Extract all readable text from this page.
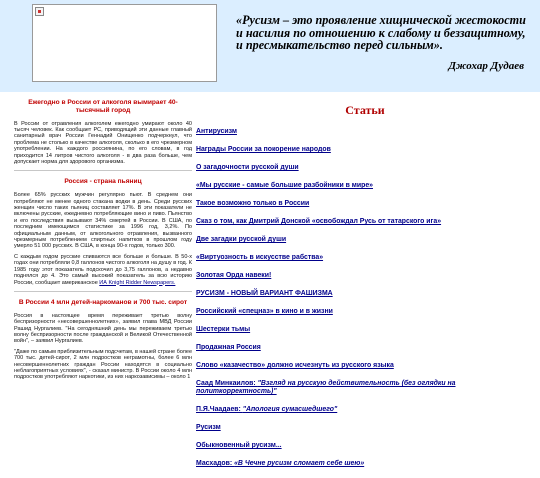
«Русизм – это проявление хищнической жестокости и насилия по отношению к слабому и беззащитному, и пресмыкательство перед сильным».
Джохар Дудаев
Ежегодно в России от алкоголя вымирает 40-тысячный город

В России от отравления алкоголем ежегодно умирают около 40 тысяч человек. Как сообщает РС, приводящий эти данные главный санитарный врач России Геннадий Онищенко подчеркнул, что проблема не столько в качестве алкоголя, сколько в его чрезмерном употреблении. На каждого россиянина, по его словам, в год приходится 14 литров чистого алкоголя - в два раза больше, чем допускает норма для здорового организма.

Россия - страна пьяниц

Более 65% русских мужчин регулярно пьют. В среднем они потребляют не менее одного стакана водки в день. Среди русских женщин число таких пьяниц составляет 17%. В эти показатели не включены русские, ежедневно потребляющие вино и пиво. Пьянство и его последствия вызывают 34% смертей в России. В США, по последним имеющимся статистике за 1996 год, 3,2%. По официальным данным, от алкогольного отравления, вызванного чрезмерным потреблением спиртных напитков в прошлом году умерло 51 000 русских. В США, в конца 90-х годов, только 300.

С каждым годом русские спиваются все больше и больше. В 50-х годах они потребляли 0,8 галлонов чистого алкоголя на душу в год. К 1985 году этот показатель подскочил до 3,75 галлонов, а недавно поднялся до 4. Это самый высокий показатель за всю историю России, сообщает американское ИА Knight Ridder Newspapers.

В России 4 млн детей-наркоманов и 700 тыс. сирот

Россия в настоящее время переживает третью волну беспризорности «несовершеннолетних», заявил глава МВД России Рашид Нургалиев. "На сегодняшний день мы переживаем третью волну беспризорности после гражданской и Великой Отечественной войн", – заявил Нургалиев.

"Даже по самым приблизительным подсчетам, в нашей стране более 700 тыс. детей-сирот, 2 млн подростков неграмотны, более 6 млн несовершеннолетних граждан России находятся в социально неблагоприятных условиях", - сказал министр. В России около 4 млн подростков употребляют наркотики, из них наркозависимы – около 1

Статьи
Антирусизм
Награды России за покорение народов
О загадочности русской души
«Мы русские - самые большие разбойники в мире»
Такое возможно только в России
Сказ о том, как Дмитрий Донской «освобождал Русь от татарского ига»
Две загадки русской души
«Виртуозность в искусстве рабства»
Золотая Орда навеки!
РУСИЗМ - НОВЫЙ ВАРИАНТ ФАШИЗМА
Российский «спецназ» в кино и в жизни
Шестерки тьмы
Продажная Россия
Слово «казачество» должно исчезнуть из русского языка
Саад Минкаилов: "Взгляд на русскую действительность (без оглядки на политкорректность)"
П.Я.Чаадаев: "Апология сумасшедшего"
Русизм
Обыкновенный русизм...
Масхадов: «В Чечне русизм сломает себе шею»
